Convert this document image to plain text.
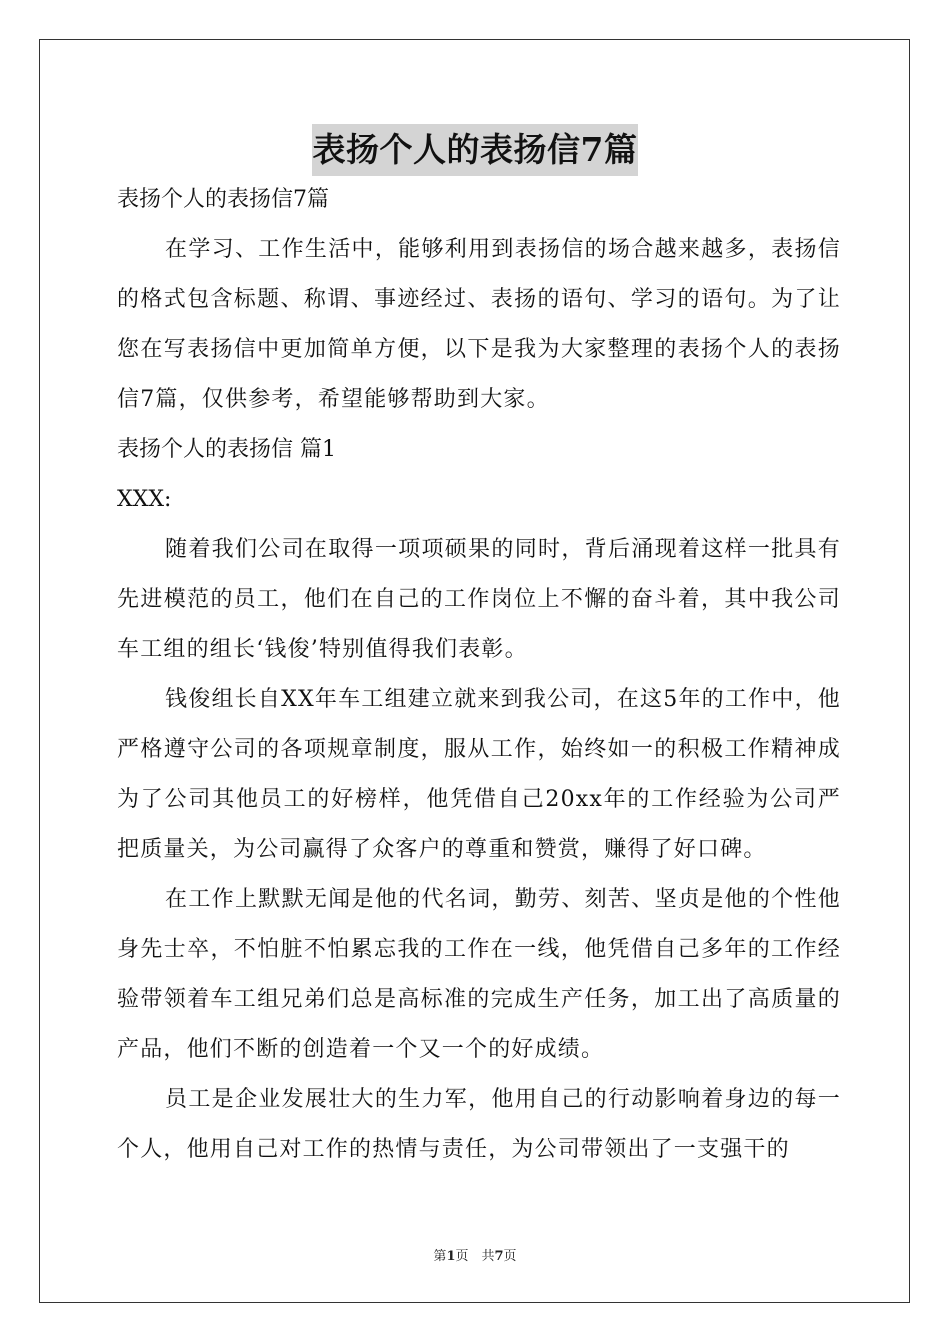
表扬个人的表扬信7篇

表扬个人的表扬信7篇

在学习、工作生活中，能够利用到表扬信的场合越来越多，表扬信的格式包含标题、称谓、事迹经过、表扬的语句、学习的语句。为了让您在写表扬信中更加简单方便，以下是我为大家整理的表扬个人的表扬信7篇，仅供参考，希望能够帮助到大家。

表扬个人的表扬信 篇1

XXX:

随着我们公司在取得一项项硕果的同时，背后涌现着这样一批具有先进模范的员工，他们在自己的工作岗位上不懈的奋斗着，其中我公司车工组的组长‘钱俊’特别值得我们表彰。

钱俊组长自XX年车工组建立就来到我公司，在这5年的工作中，他严格遵守公司的各项规章制度，服从工作，始终如一的积极工作精神成为了公司其他员工的好榜样，他凭借自己20xx年的工作经验为公司严把质量关，为公司赢得了众客户的尊重和赞赏，赚得了好口碑。

在工作上默默无闻是他的代名词，勤劳、刻苦、坚贞是他的个性他身先士卒，不怕脏不怕累忘我的工作在一线，他凭借自己多年的工作经验带领着车工组兄弟们总是高标准的完成生产任务，加工出了高质量的产品，他们不断的创造着一个又一个的好成绩。

员工是企业发展壮大的生力军，他用自己的行动影响着身边的每一个人，他用自己对工作的热情与责任，为公司带领出了一支强干的

第1页　共7页
